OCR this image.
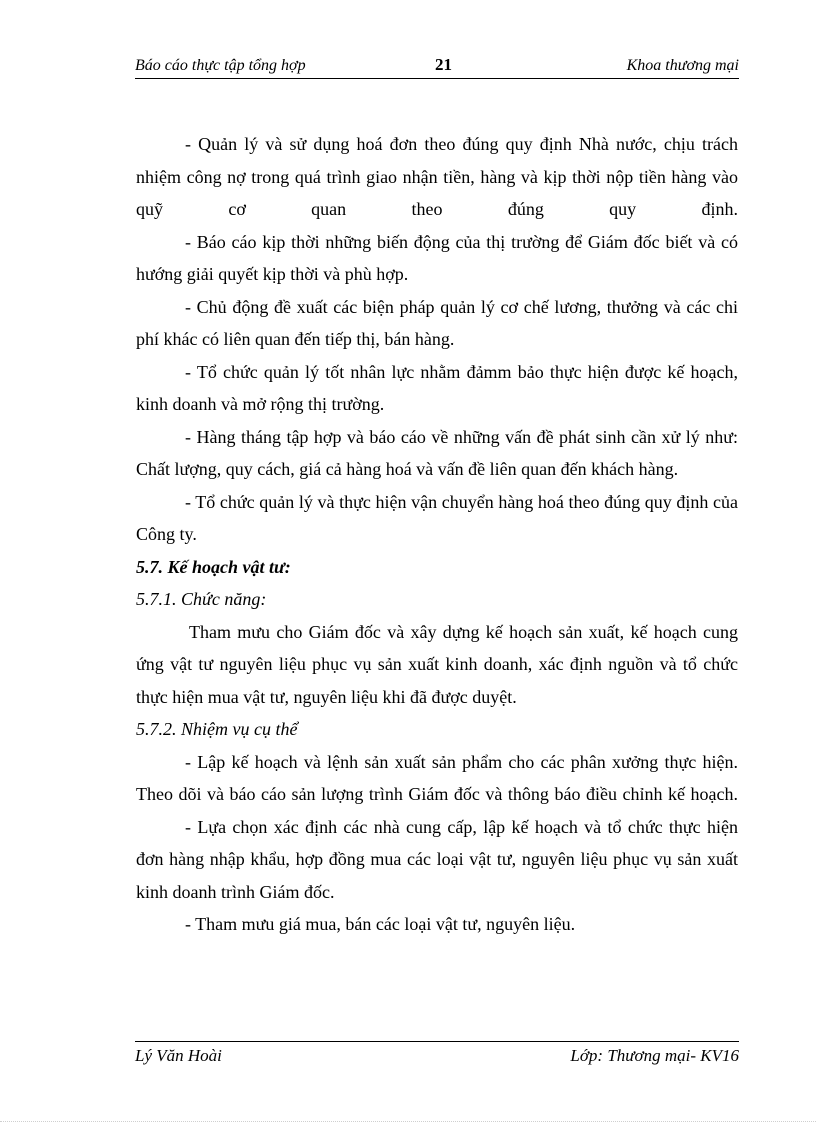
Báo cáo thực tập tổng hợp	21	Khoa thương mại

- Quản lý và sử dụng hoá đơn theo đúng quy định Nhà nước, chịu trách nhiệm công nợ trong quá trình giao nhận tiền, hàng và kịp thời nộp tiền hàng vào quỹ cơ quan theo đúng quy định.

- Báo cáo kịp thời những biến động của thị trường để Giám đốc biết và có hướng giải quyết kịp thời và phù hợp.

- Chủ động đề xuất các biện pháp quản lý cơ chế lương, thưởng và các chi phí khác có liên quan đến tiếp thị, bán hàng.

- Tổ chức quản lý tốt nhân lực nhằm đảmm bảo thực hiện được kế hoạch, kinh doanh và mở rộng thị trường.

- Hàng tháng tập hợp và báo cáo về những vấn đề phát sinh cần xử lý như: Chất lượng, quy cách, giá cả hàng hoá và vấn đề liên quan đến khách hàng.

- Tổ chức quản lý và thực hiện vận chuyển hàng hoá theo đúng quy định của Công ty.

5.7. Kế hoạch vật tư:

5.7.1. Chức năng:

Tham mưu cho Giám đốc và xây dựng kế hoạch sản xuất, kế hoạch cung ứng vật tư nguyên liệu phục vụ sản xuất kinh doanh, xác định nguồn và tổ chức thực hiện mua vật tư, nguyên liệu khi đã được duyệt.

5.7.2. Nhiệm vụ cụ thể

- Lập kế hoạch và lệnh sản xuất sản phẩm cho các phân xưởng thực hiện. Theo dõi và báo cáo sản lượng trình Giám đốc và thông báo điều chỉnh kế hoạch.

- Lựa chọn xác định các nhà cung cấp, lập kế hoạch và tổ chức thực hiện đơn hàng nhập khẩu, hợp đồng mua các loại vật tư, nguyên liệu phục vụ sản xuất kinh doanh trình Giám đốc.

- Tham mưu giá mua, bán các loại vật tư, nguyên liệu.

Lý Văn Hoài	Lớp: Thương mại- KV16
